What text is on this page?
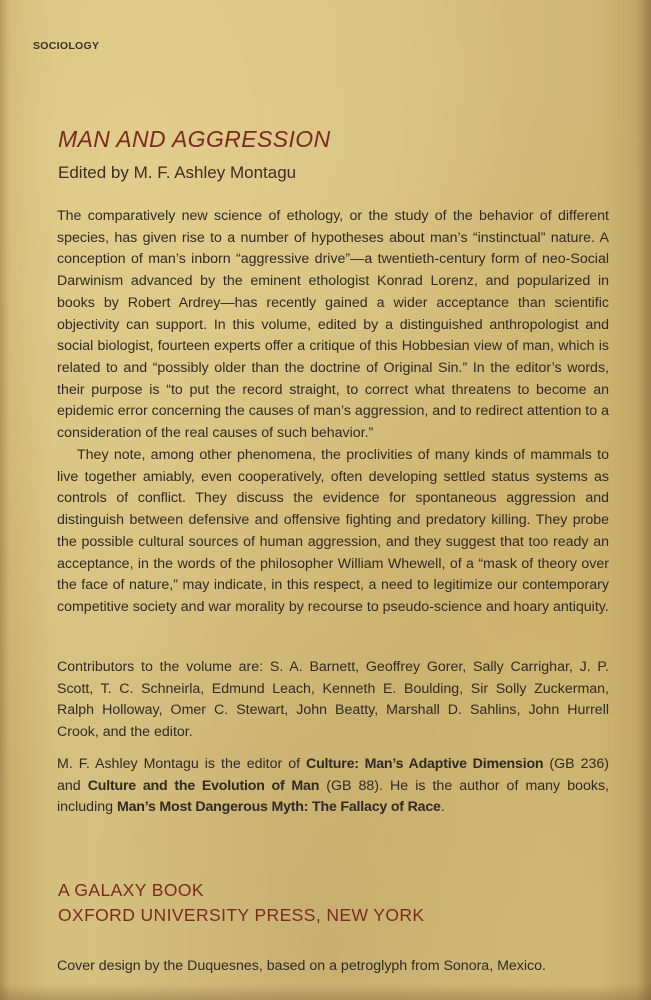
SOCIOLOGY
MAN AND AGGRESSION
Edited by M. F. Ashley Montagu

The comparatively new science of ethology, or the study of the behavior of different species, has given rise to a number of hypotheses about man’s “instinctual” nature. A conception of man’s inborn “aggressive drive”—a twentieth-century form of neo-Social Darwinism advanced by the eminent ethologist Konrad Lorenz, and popularized in books by Robert Ardrey—has recently gained a wider acceptance than scientific objectivity can support. In this volume, edited by a distinguished anthropologist and social biologist, fourteen experts offer a critique of this Hobbesian view of man, which is related to and “possibly older than the doctrine of Original Sin.” In the editor’s words, their purpose is “to put the record straight, to correct what threatens to become an epidemic error concerning the causes of man’s aggression, and to redirect attention to a consideration of the real causes of such behavior.”

They note, among other phenomena, the proclivities of many kinds of mammals to live together amiably, even cooperatively, often developing settled status systems as controls of conflict. They discuss the evidence for spontaneous aggression and distinguish between defensive and offensive fighting and predatory killing. They probe the possible cultural sources of human aggression, and they suggest that too ready an acceptance, in the words of the philosopher William Whewell, of a “mask of theory over the face of nature,” may indicate, in this respect, a need to legitimize our contemporary competitive society and war morality by recourse to pseudo-science and hoary antiquity.

Contributors to the volume are: S. A. Barnett, Geoffrey Gorer, Sally Carrighar, J. P. Scott, T. C. Schneirla, Edmund Leach, Kenneth E. Boulding, Sir Solly Zuckerman, Ralph Holloway, Omer C. Stewart, John Beatty, Marshall D. Sahlins, John Hurrell Crook, and the editor.

M. F. Ashley Montagu is the editor of Culture: Man’s Adaptive Dimension (GB 236) and Culture and the Evolution of Man (GB 88). He is the author of many books, including Man’s Most Dangerous Myth: The Fallacy of Race.

A GALAXY BOOK
OXFORD UNIVERSITY PRESS, NEW YORK
Cover design by the Duquesnes, based on a petroglyph from Sonora, Mexico.
